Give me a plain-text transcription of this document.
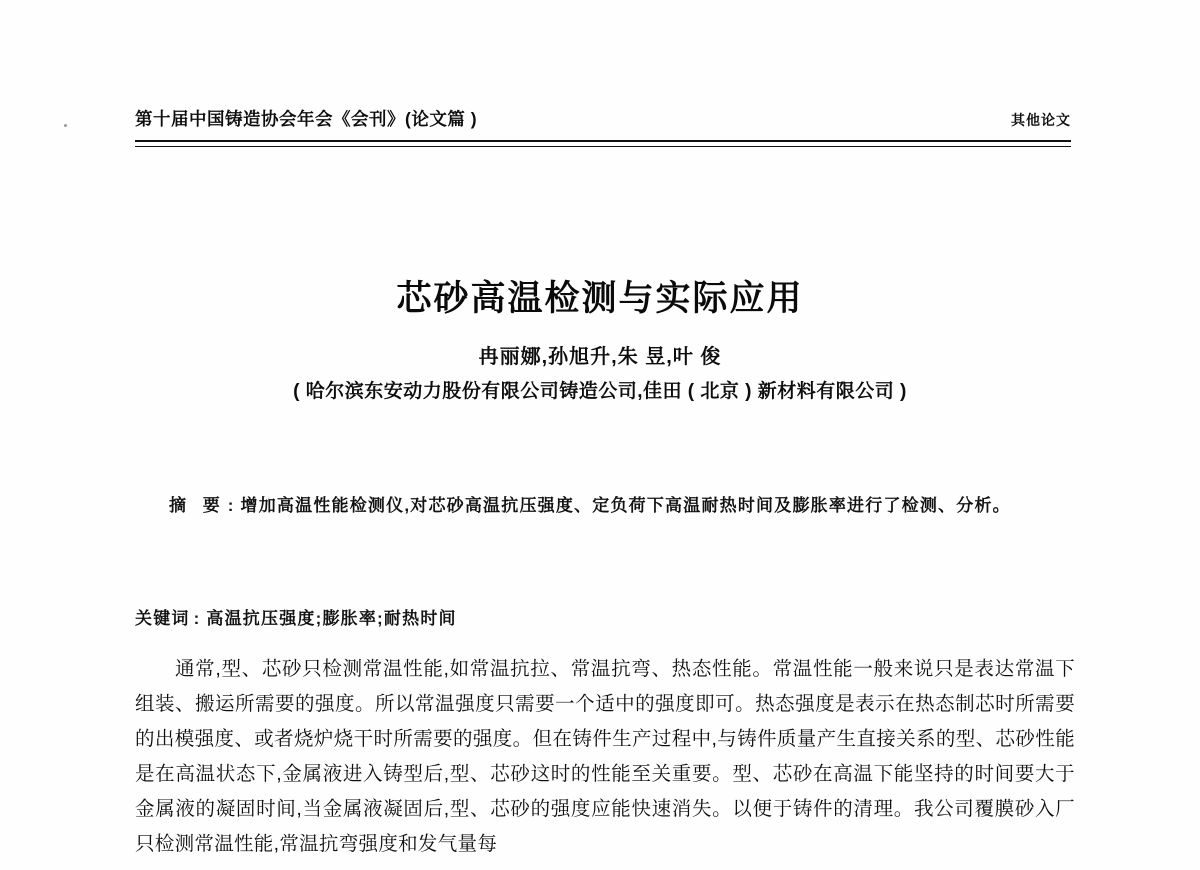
第十届中国铸造协会年会《会刊》(论文篇 )	其他论文
芯砂高温检测与实际应用
冉丽娜,孙旭升,朱 昱,叶 俊
( 哈尔滨东安动力股份有限公司铸造公司,佳田 ( 北京 ) 新材料有限公司 )
摘 要 : 增加高温性能检测仪,对芯砂高温抗压强度、定负荷下高温耐热时间及膨胀率进行了检测、分析。
关键词 : 高温抗压强度;膨胀率;耐热时间

通常,型、芯砂只检测常温性能,如常温抗拉、常温抗弯、热态性能。常温性能一般来说只是表达常温下组装、搬运所需要的强度。所以常温强度只需要一个适中的强度即可。热态强度是表示在热态制芯时所需要的出模强度、或者烧炉烧干时所需要的强度。但在铸件生产过程中,与铸件质量产生直接关系的型、芯砂性能是在高温状态下,金属液进入铸型后,型、芯砂这时的性能至关重要。型、芯砂在高温下能坚持的时间要大于金属液的凝固时间,当金属液凝固后,型、芯砂的强度应能快速消失。以便于铸件的清理。我公司覆膜砂入厂只检测常温性能,常温抗弯强度和发气量每
